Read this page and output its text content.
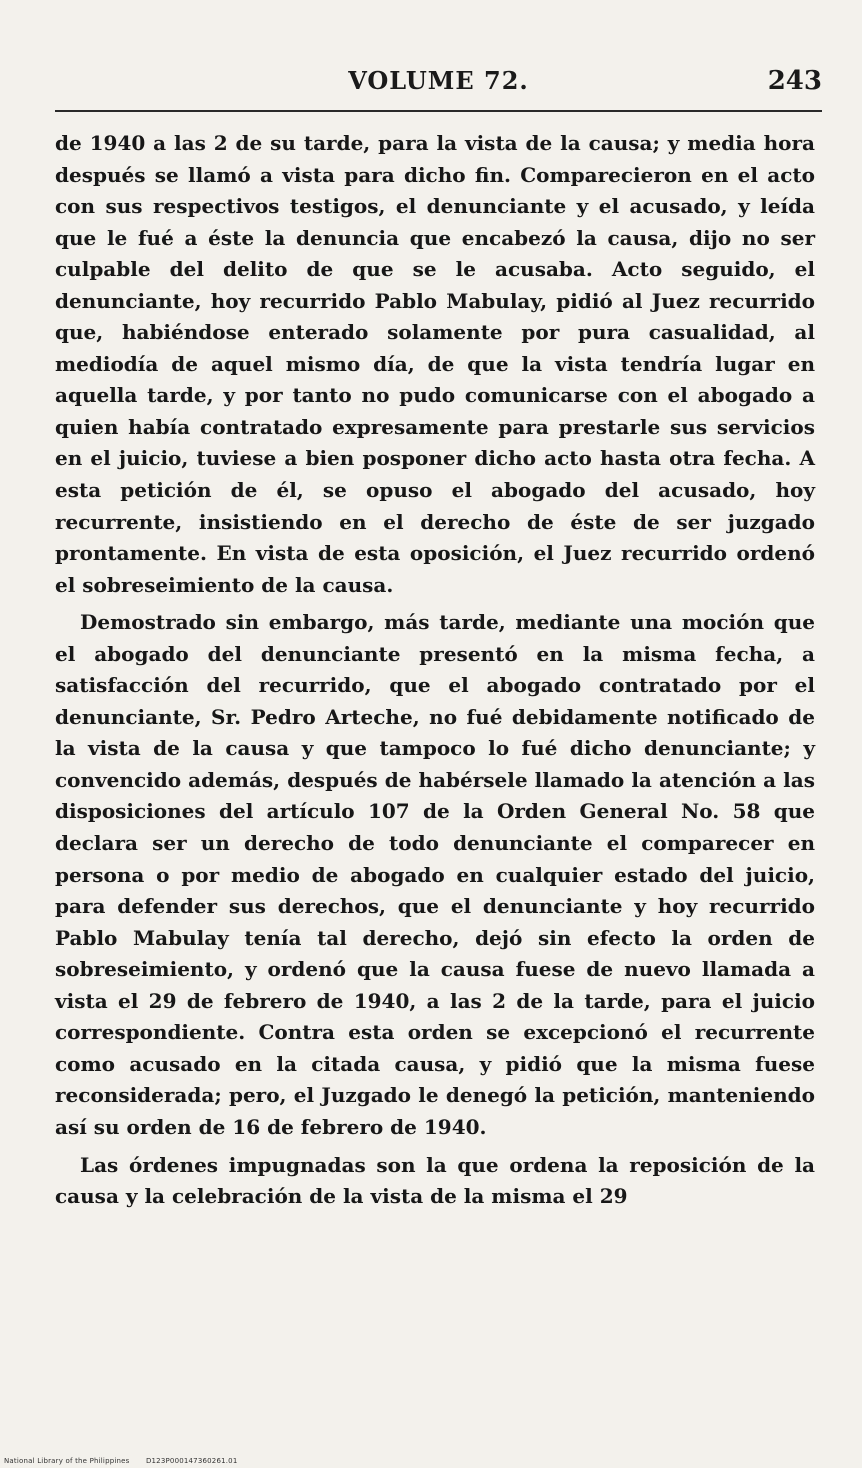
VOLUME 72.	243

de 1940 a las 2 de su tarde, para la vista de la causa; y media hora después se llamó a vista para dicho fin. Comparecieron en el acto con sus respectivos testigos, el denunciante y el acusado, y leída que le fué a éste la denuncia que encabezó la causa, dijo no ser culpable del delito de que se le acusaba. Acto seguido, el denunciante, hoy recurrido Pablo Mabulay, pidió al Juez recurrido que, habiéndose enterado solamente por pura casualidad, al mediodía de aquel mismo día, de que la vista tendría lugar en aquella tarde, y por tanto no pudo comunicarse con el abogado a quien había contratado expresamente para prestarle sus servicios en el juicio, tuviese a bien posponer dicho acto hasta otra fecha. A esta petición de él, se opuso el abogado del acusado, hoy recurrente, insistiendo en el derecho de éste de ser juzgado prontamente. En vista de esta oposición, el Juez recurrido ordenó el sobreseimiento de la causa.

Demostrado sin embargo, más tarde, mediante una moción que el abogado del denunciante presentó en la misma fecha, a satisfacción del recurrido, que el abogado contratado por el denunciante, Sr. Pedro Arteche, no fué debidamente notificado de la vista de la causa y que tampoco lo fué dicho denunciante; y convencido además, después de habérsele llamado la atención a las disposiciones del artículo 107 de la Orden General No. 58 que declara ser un derecho de todo denunciante el comparecer en persona o por medio de abogado en cualquier estado del juicio, para defender sus derechos, que el denunciante y hoy recurrido Pablo Mabulay tenía tal derecho, dejó sin efecto la orden de sobreseimiento, y ordenó que la causa fuese de nuevo llamada a vista el 29 de febrero de 1940, a las 2 de la tarde, para el juicio correspondiente. Contra esta orden se excepcionó el recurrente como acusado en la citada causa, y pidió que la misma fuese reconsiderada; pero, el Juzgado le denegó la petición, manteniendo así su orden de 16 de febrero de 1940.

Las órdenes impugnadas son la que ordena la reposición de la causa y la celebración de la vista de la misma el 29

National Library of the Philippines D123P000147360261.01
